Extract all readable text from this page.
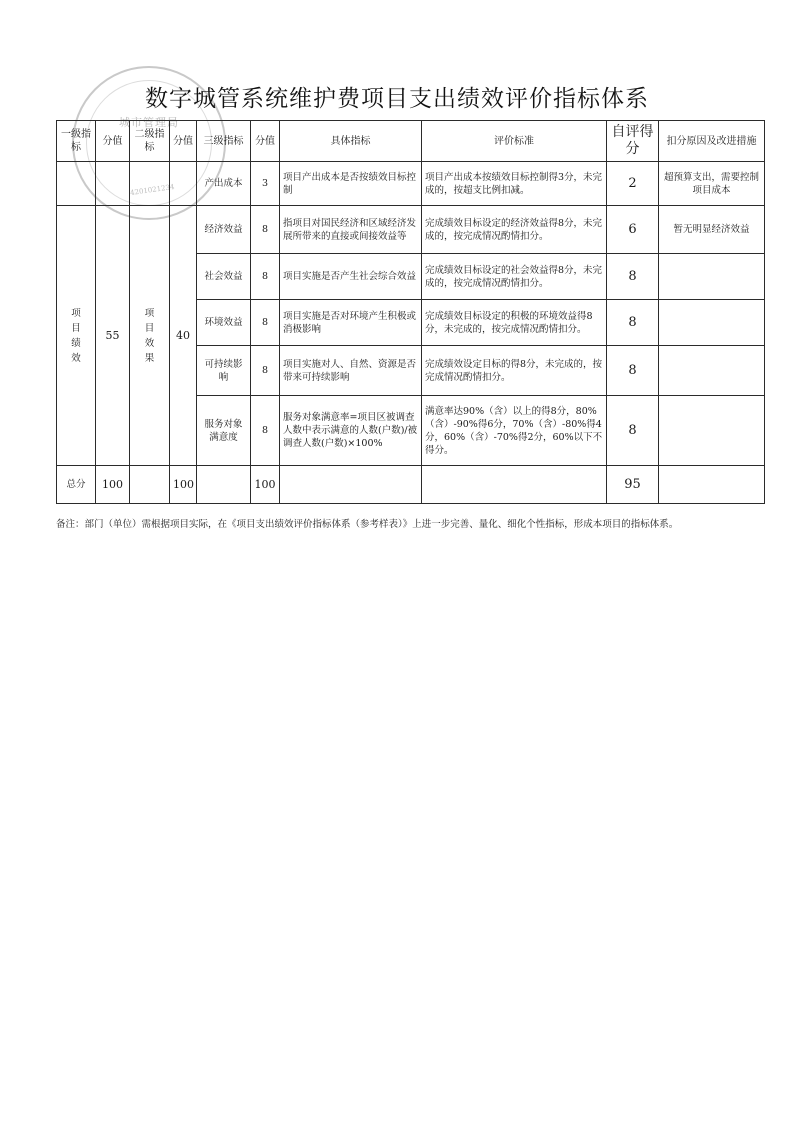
城市管理局
4201021234
数字城管系统维护费项目支出绩效评价指标体系
一级指标	分值	二级指标	分值	三级指标	分值	具体指标	评价标准	自评得分	扣分原因及改进措施
				产出成本	3	项目产出成本是否按绩效目标控制	项目产出成本按绩效目标控制得3分，未完成的，按超支比例扣减。	2	超预算支出，需要控制项目成本

项目绩效	55	项目效果	40	经济效益	8	指项目对国民经济和区域经济发展所带来的直接或间接效益等	完成绩效目标设定的经济效益得8分，未完成的，按完成情况酌情扣分。	6	暂无明显经济效益
				社会效益	8	项目实施是否产生社会综合效益	完成绩效目标设定的社会效益得8分，未完成的，按完成情况酌情扣分。	8	
				环境效益	8	项目实施是否对环境产生积极或消极影响	完成绩效目标设定的积极的环境效益得8分，未完成的，按完成情况酌情扣分。	8	
				可持续影响	8	项目实施对人、自然、资源是否带来可持续影响	完成绩效设定目标的得8分，未完成的，按完成情况酌情扣分。	8	
				服务对象满意度	8	服务对象满意率=项目区被调查人数中表示满意的人数(户数)/被调查人数(户数)×100%	满意率达90%（含）以上的得8分，80%（含）-90%得6分，70%（含）-80%得4分，60%（含）-70%得2分，60%以下不得分。	8	
总分	100		100		100			95	
备注：部门（单位）需根据项目实际，在《项目支出绩效评价指标体系（参考样表）》上进一步完善、量化、细化个性指标，形成本项目的指标体系。
